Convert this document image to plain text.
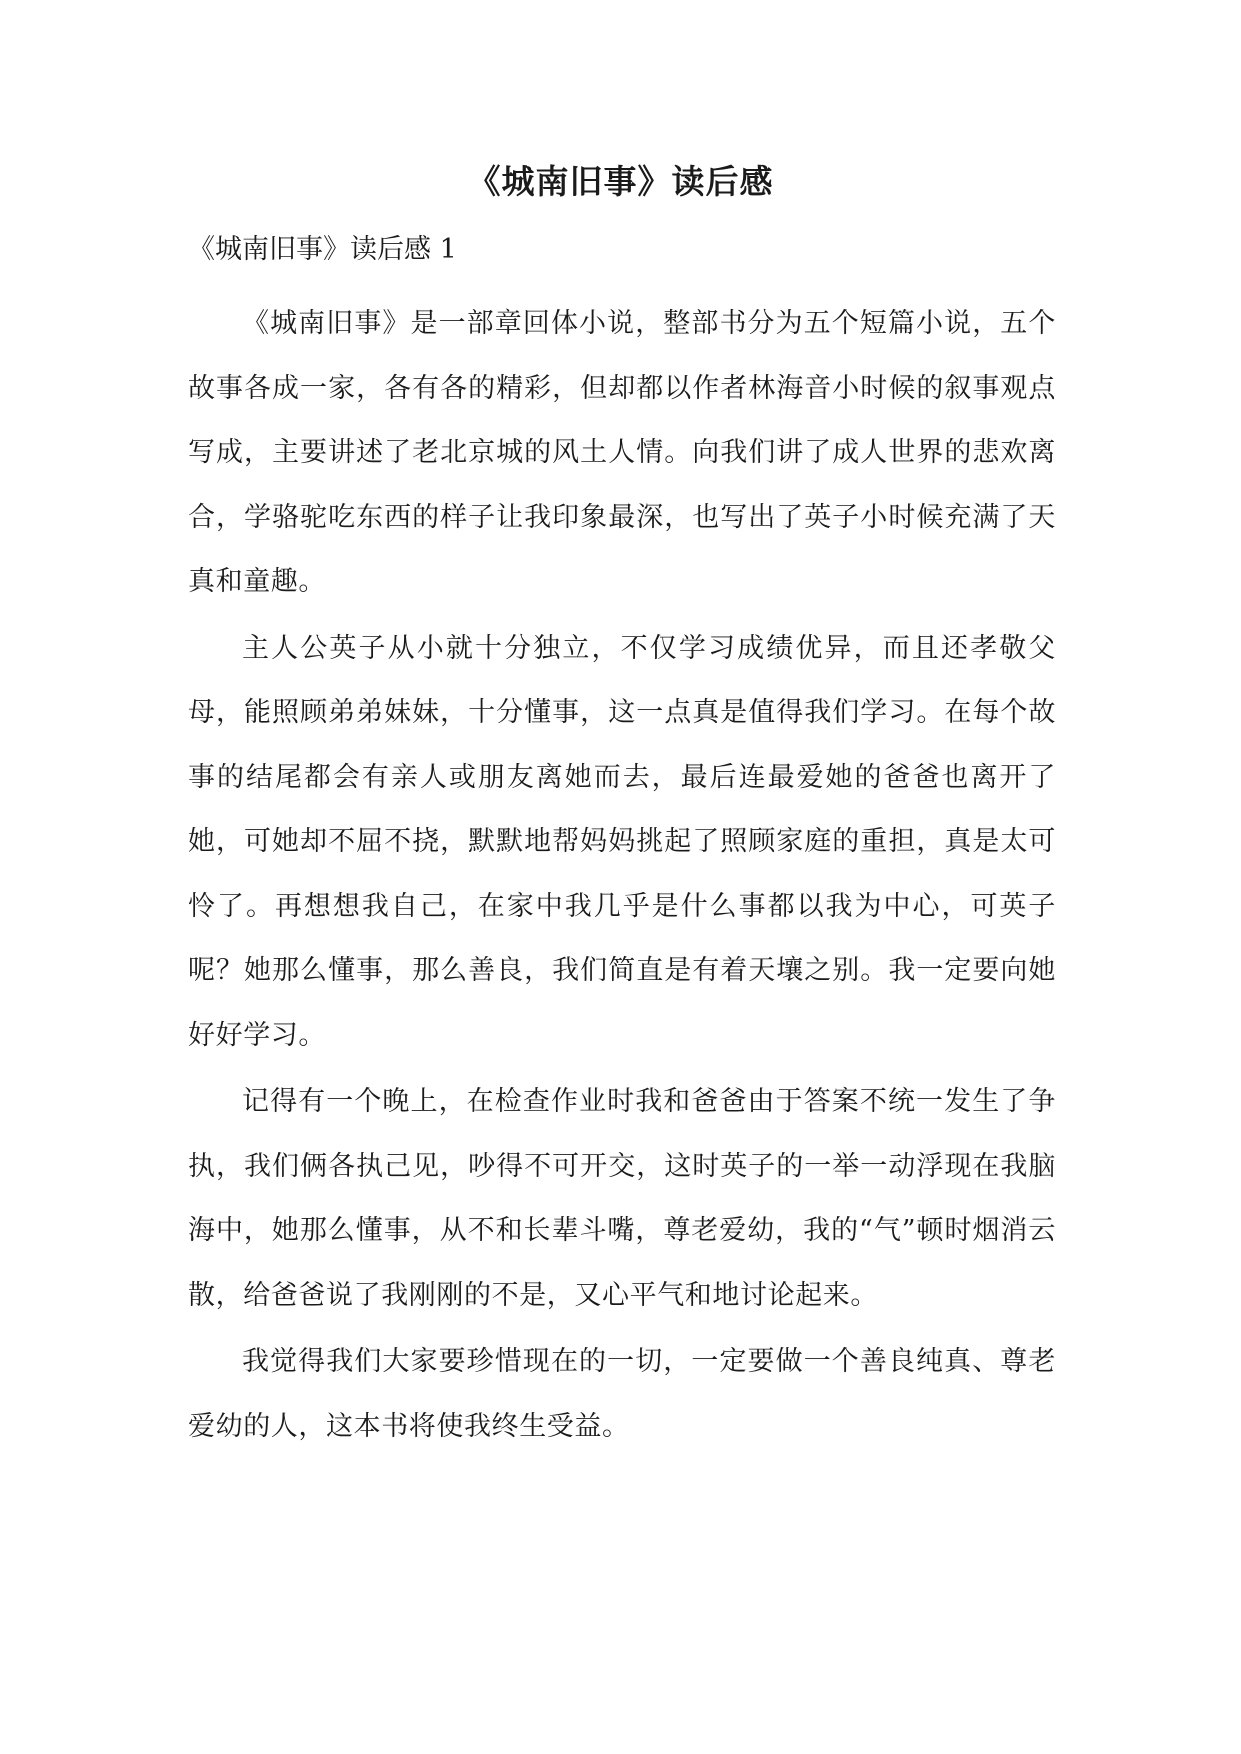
《城南旧事》读后感

《城南旧事》读后感 1

《城南旧事》是一部章回体小说，整部书分为五个短篇小说，五个故事各成一家，各有各的精彩，但却都以作者林海音小时候的叙事观点写成，主要讲述了老北京城的风土人情。向我们讲了成人世界的悲欢离合，学骆驼吃东西的样子让我印象最深，也写出了英子小时候充满了天真和童趣。

主人公英子从小就十分独立，不仅学习成绩优异，而且还孝敬父母，能照顾弟弟妹妹，十分懂事，这一点真是值得我们学习。在每个故事的结尾都会有亲人或朋友离她而去，最后连最爱她的爸爸也离开了她，可她却不屈不挠，默默地帮妈妈挑起了照顾家庭的重担，真是太可怜了。再想想我自己，在家中我几乎是什么事都以我为中心，可英子呢？她那么懂事，那么善良，我们简直是有着天壤之别。我一定要向她好好学习。

记得有一个晚上，在检查作业时我和爸爸由于答案不统一发生了争执，我们俩各执己见，吵得不可开交，这时英子的一举一动浮现在我脑海中，她那么懂事，从不和长辈斗嘴，尊老爱幼，我的“气”顿时烟消云散，给爸爸说了我刚刚的不是，又心平气和地讨论起来。

我觉得我们大家要珍惜现在的一切，一定要做一个善良纯真、尊老爱幼的人，这本书将使我终生受益。
